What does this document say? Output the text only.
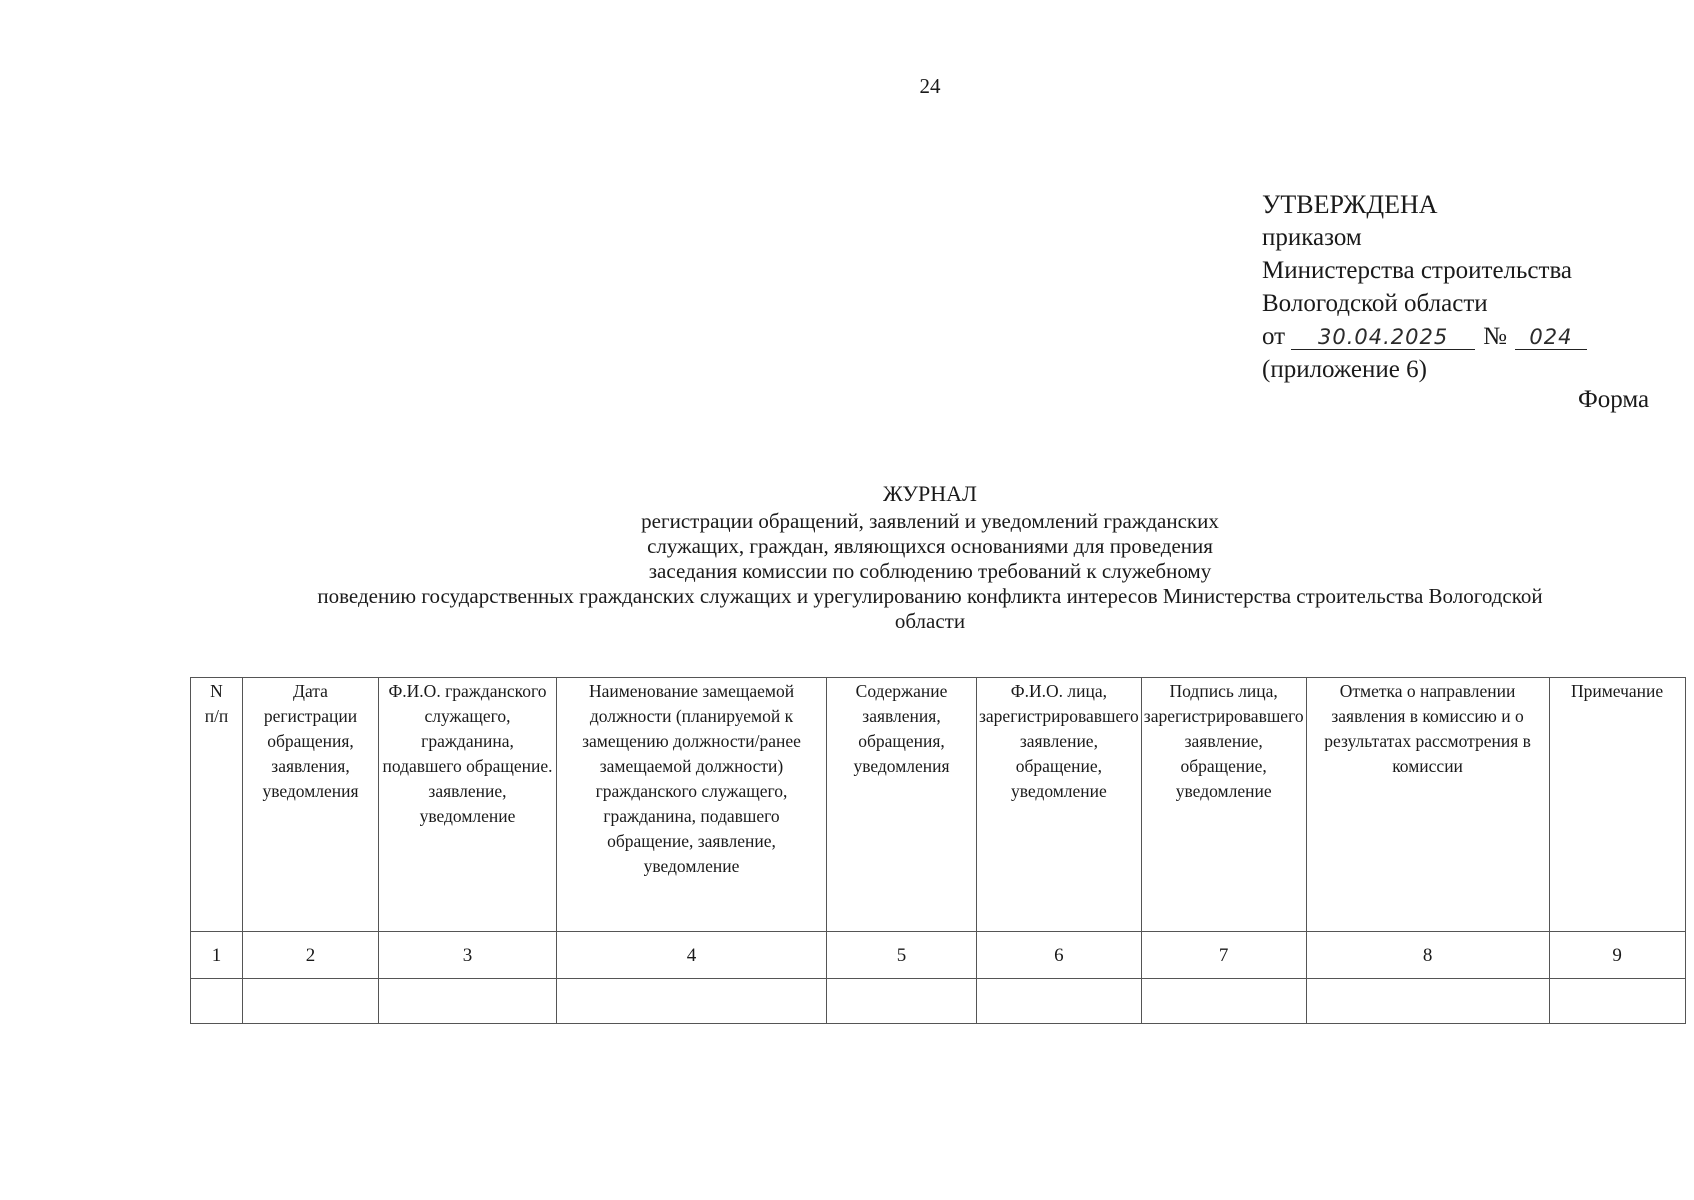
24
УТВЕРЖДЕНА
приказом
Министерства строительства
Вологодской области
от 30.04.2025 № 024
(приложение 6)
Форма
ЖУРНАЛ
регистрации обращений, заявлений и уведомлений гражданских
служащих, граждан, являющихся основаниями для проведения
заседания комиссии по соблюдению требований к служебному
поведению государственных гражданских служащих и урегулированию конфликта интересов Министерства строительства Вологодской
области
N
п/п	Дата регистрации обращения, заявления, уведомления	Ф.И.О. гражданского служащего, гражданина, подавшего обращение. заявление, уведомление	Наименование замещаемой должности (планируемой к замещению должности/ранее замещаемой должности) гражданского служащего, гражданина, подавшего обращение, заявление, уведомление	Содержание заявления, обращения, уведомления	Ф.И.О. лица, зарегистрировавшего заявление, обращение, уведомление	Подпись лица, зарегистрировавшего заявление, обращение, уведомление	Отметка о направлении заявления в комиссию и о результатах рассмотрения в комиссии	Примечание
1	2	3	4	5	6	7	8	9
